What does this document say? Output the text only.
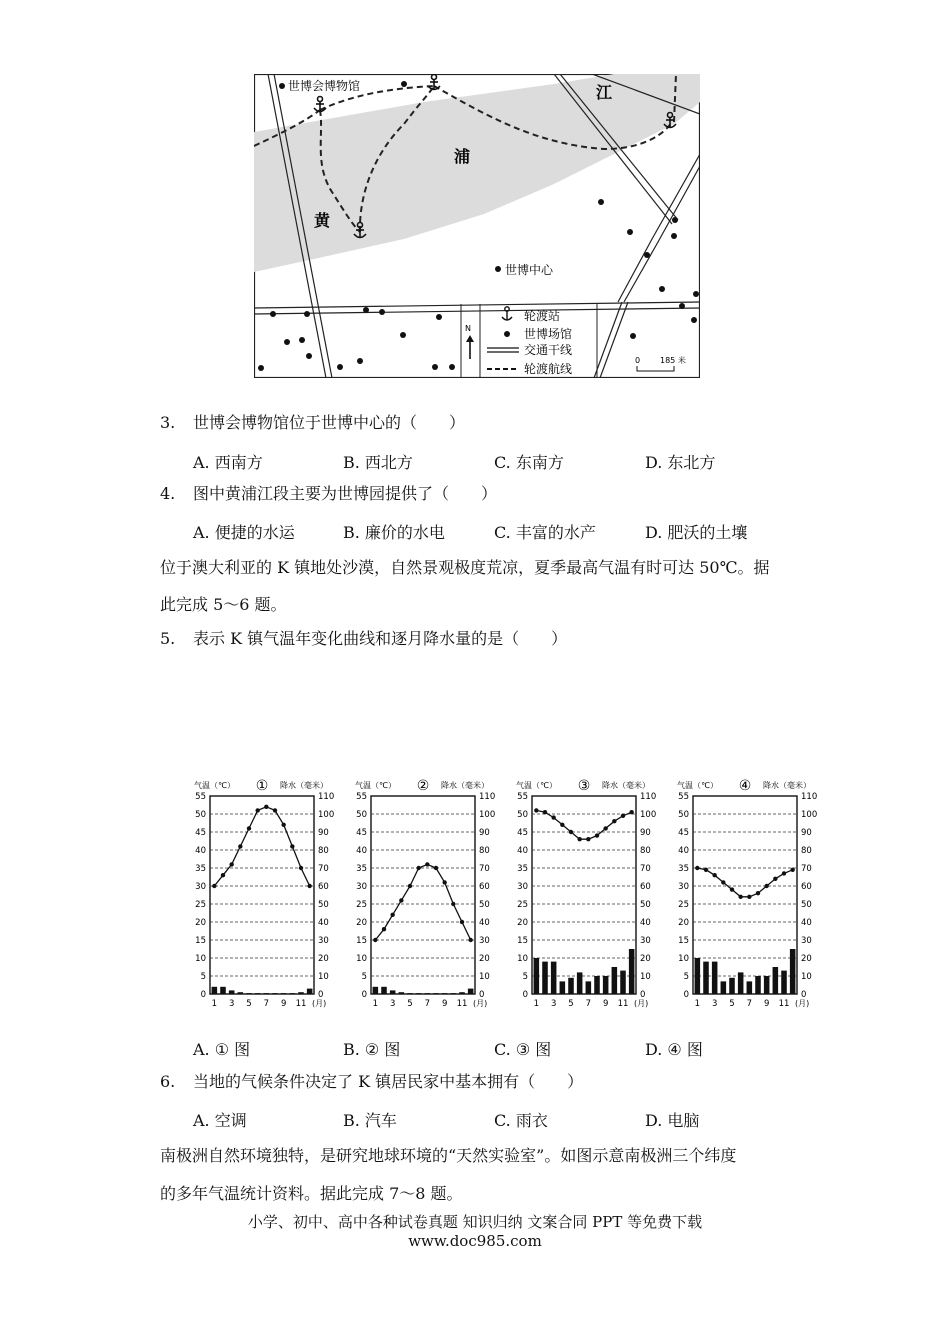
世博会博物馆
世博中心
黄
浦
江
N
轮渡站
世博场馆
交通干线
轮渡航线
0 185 米
3. 世博会博物馆位于世博中心的（　　）
A. 西南方	B. 西北方	C. 东南方	D. 东北方
4. 图中黄浦江段主要为世博园提供了（　　）
A. 便捷的水运	B. 廉价的水电	C. 丰富的水产	D. 肥沃的土壤
位于澳大利亚的 K 镇地处沙漠，自然景观极度荒凉，夏季最高气温有时可达 50℃。据
此完成 5～6 题。
5. 表示 K 镇气温年变化曲线和逐月降水量的是（　　）
气温（℃） ① 降水（毫米）
0
5
10
15
20
25
30
35
40
45
50
55
0
10
20
30
40
50
60
70
80
90
100
110
1 3 5 7 9 11 (月)
气温（℃） ② 降水（毫米）
0
5
10
15
20
25
30
35
40
45
50
55
0
10
20
30
40
50
60
70
80
90
100
110
1 3 5 7 9 11 (月)
气温（℃） ③ 降水（毫米）
0
5
10
15
20
25
30
35
40
45
50
55
0
10
20
30
40
50
60
70
80
90
100
110
1 3 5 7 9 11 (月)
气温（℃） ④ 降水（毫米）
0
5
10
15
20
25
30
35
40
45
50
55
0
10
20
30
40
50
60
70
80
90
100
110
1 3 5 7 9 11 (月)
A. ① 图	B. ② 图	C. ③ 图	D. ④ 图
6. 当地的气候条件决定了 K 镇居民家中基本拥有（　　）
A. 空调	B. 汽车	C. 雨衣	D. 电脑
南极洲自然环境独特，是研究地球环境的“天然实验室”。如图示意南极洲三个纬度
的多年气温统计资料。据此完成 7～8 题。
小学、初中、高中各种试卷真题 知识归纳 文案合同 PPT 等免费下载
www.doc985.com
